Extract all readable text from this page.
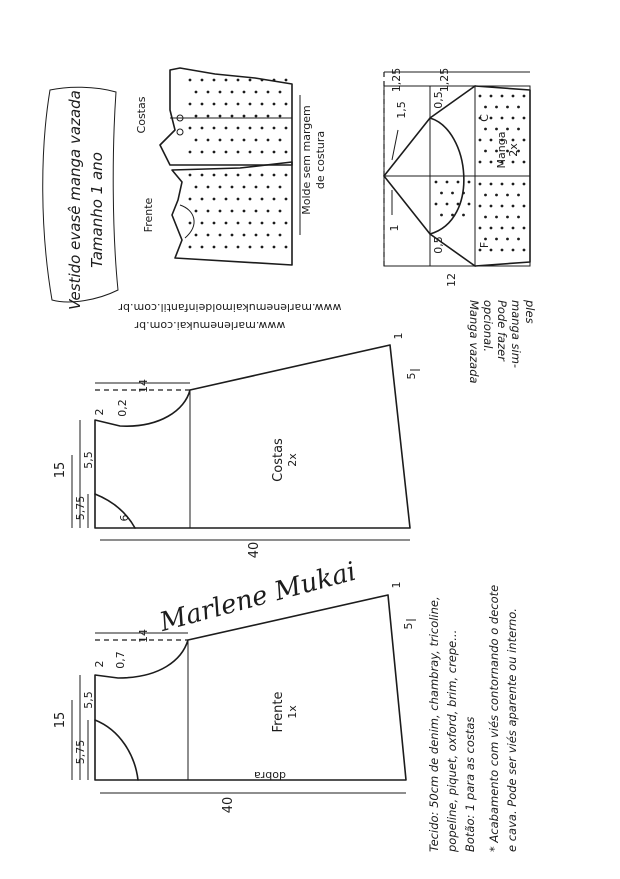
Vestido evasê manga vazada Tamanho 1 ano
Costas
Frente
Molde sem margem de costura
www.marlenemukai.com.br
www.marlenemukaimoldeinfantil.com.br
1,25	1,25
1,5
0,5
0,5
1
12
C
F
Manga 2x
Manga vazada opcional. Pode fazer manga sim- ples
14
15
2 0,2
5,5
5,75	6
1
5
40
Costas 2x
Marlene Mukai
14
15
2 0,7
5,5
5,75
1
5
40
Frente 1x
dobra	Tecido: 50cm de denim, chambray, tricoline, popeline, piquet, oxford, brim, crepe... Botão: 1 para as costas * Acabamento com viés contornando o decote e cava. Pode ser viés aparente ou interno.
